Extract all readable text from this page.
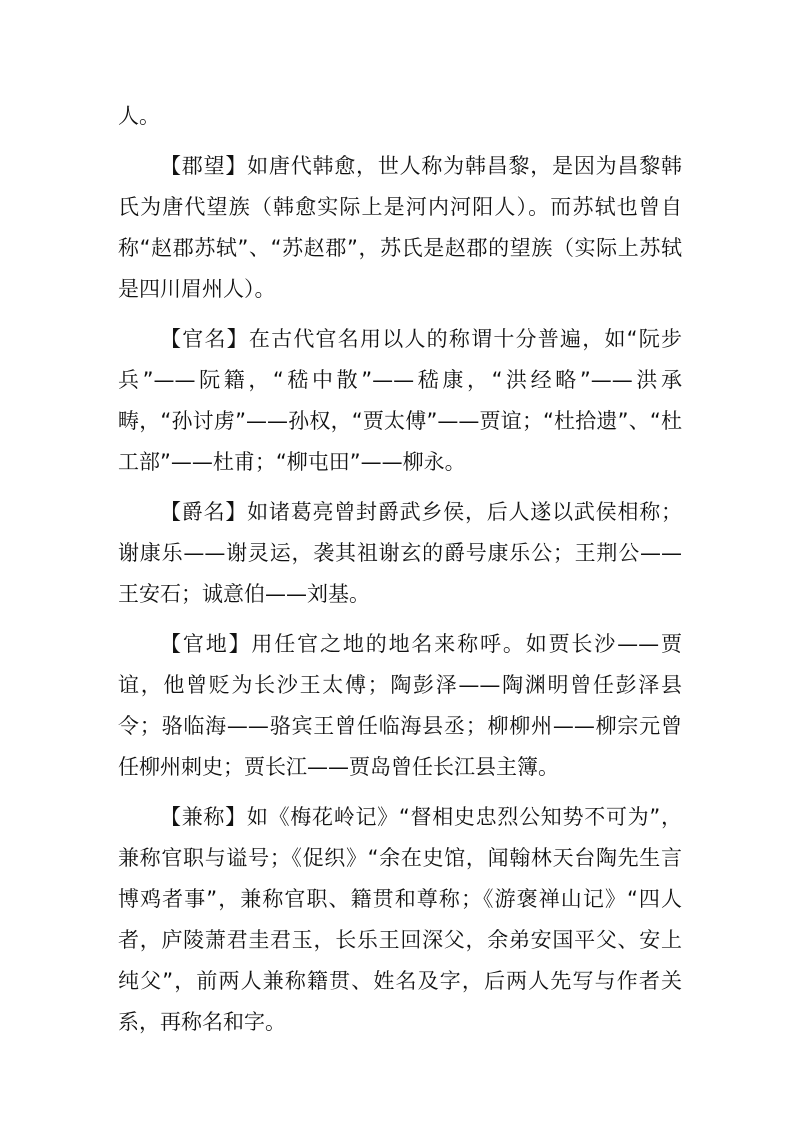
人。

【郡望】如唐代韩愈，世人称为韩昌黎，是因为昌黎韩氏为唐代望族（韩愈实际上是河内河阳人）。而苏轼也曾自称“赵郡苏轼”、“苏赵郡”，苏氏是赵郡的望族（实际上苏轼是四川眉州人）。

【官名】在古代官名用以人的称谓十分普遍，如“阮步兵”——阮籍，“嵇中散”——嵇康，“洪经略”——洪承畴，“孙讨虏”——孙权，“贾太傅”——贾谊；“杜拾遗”、“杜工部”——杜甫；“柳屯田”——柳永。

【爵名】如诸葛亮曾封爵武乡侯，后人遂以武侯相称；谢康乐——谢灵运，袭其祖谢玄的爵号康乐公；王荆公——王安石；诚意伯——刘基。

【官地】用任官之地的地名来称呼。如贾长沙——贾谊，他曾贬为长沙王太傅；陶彭泽——陶渊明曾任彭泽县令；骆临海——骆宾王曾任临海县丞；柳柳州——柳宗元曾任柳州刺史；贾长江——贾岛曾任长江县主簿。

【兼称】如《梅花岭记》“督相史忠烈公知势不可为”，兼称官职与谥号；《促织》“余在史馆，闻翰林天台陶先生言博鸡者事”，兼称官职、籍贯和尊称；《游褒禅山记》“四人者，庐陵萧君圭君玉，长乐王回深父，余弟安国平父、安上纯父”，前两人兼称籍贯、姓名及字，后两人先写与作者关系，再称名和字。
